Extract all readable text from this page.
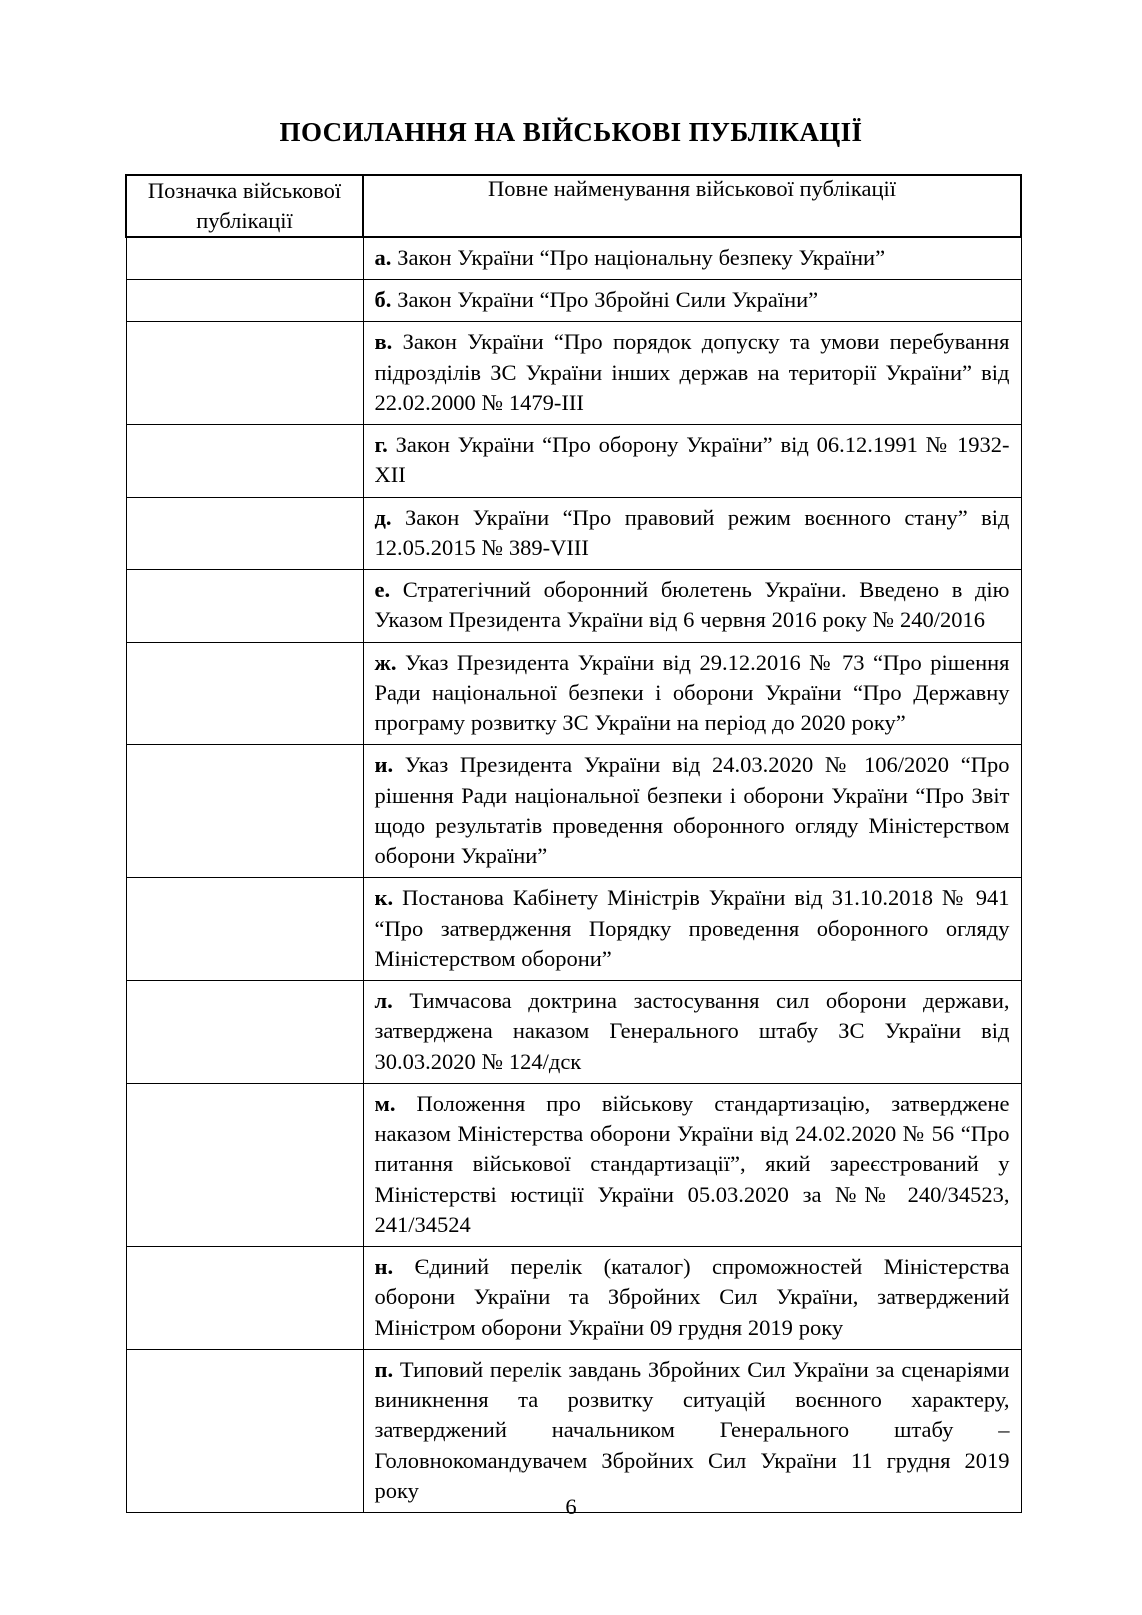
ПОСИЛАННЯ НА ВІЙСЬКОВІ ПУБЛІКАЦІЇ
Позначка військової публікації	Повне найменування військової публікації
	а. Закон України “Про національну безпеку України”
	б. Закон України “Про Збройні Сили України”
	в. Закон України “Про порядок допуску та умови перебування підрозділів ЗС України інших держав на території України” від 22.02.2000 № 1479-ІІІ
	г. Закон України “Про оборону України” від 06.12.1991 № 1932-XII
	д. Закон України “Про правовий режим воєнного стану” від 12.05.2015 № 389-VIII
	е. Стратегічний оборонний бюлетень України. Введено в дію Указом Президента України від 6 червня 2016 року № 240/2016
	ж. Указ Президента України від 29.12.2016 № 73 “Про рішення Ради національної безпеки і оборони України “Про Державну програму розвитку ЗС України на період до 2020 року”
	и. Указ Президента України від 24.03.2020 № 106/2020 “Про рішення Ради національної безпеки і оборони України “Про Звіт щодо результатів проведення оборонного огляду Міністерством оборони України”
	к. Постанова Кабінету Міністрів України від 31.10.2018 № 941 “Про затвердження Порядку проведення оборонного огляду Міністерством оборони”
	л. Тимчасова доктрина застосування сил оборони держави, затверджена наказом Генерального штабу ЗС України від 30.03.2020 № 124/дск
	м. Положення про військову стандартизацію, затверджене наказом Міністерства оборони України від 24.02.2020 № 56 “Про питання військової стандартизації”, який зареєстрований у Міністерстві юстиції України 05.03.2020 за №№ 240/34523, 241/34524
	н. Єдиний перелік (каталог) спроможностей Міністерства оборони України та Збройних Сил України, затверджений Міністром оборони України 09 грудня 2019 року
	п. Типовий перелік завдань Збройних Сил України за сценаріями виникнення та розвитку ситуацій воєнного характеру, затверджений начальником Генерального штабу – Головнокомандувачем Збройних Сил України 11 грудня 2019 року
6
